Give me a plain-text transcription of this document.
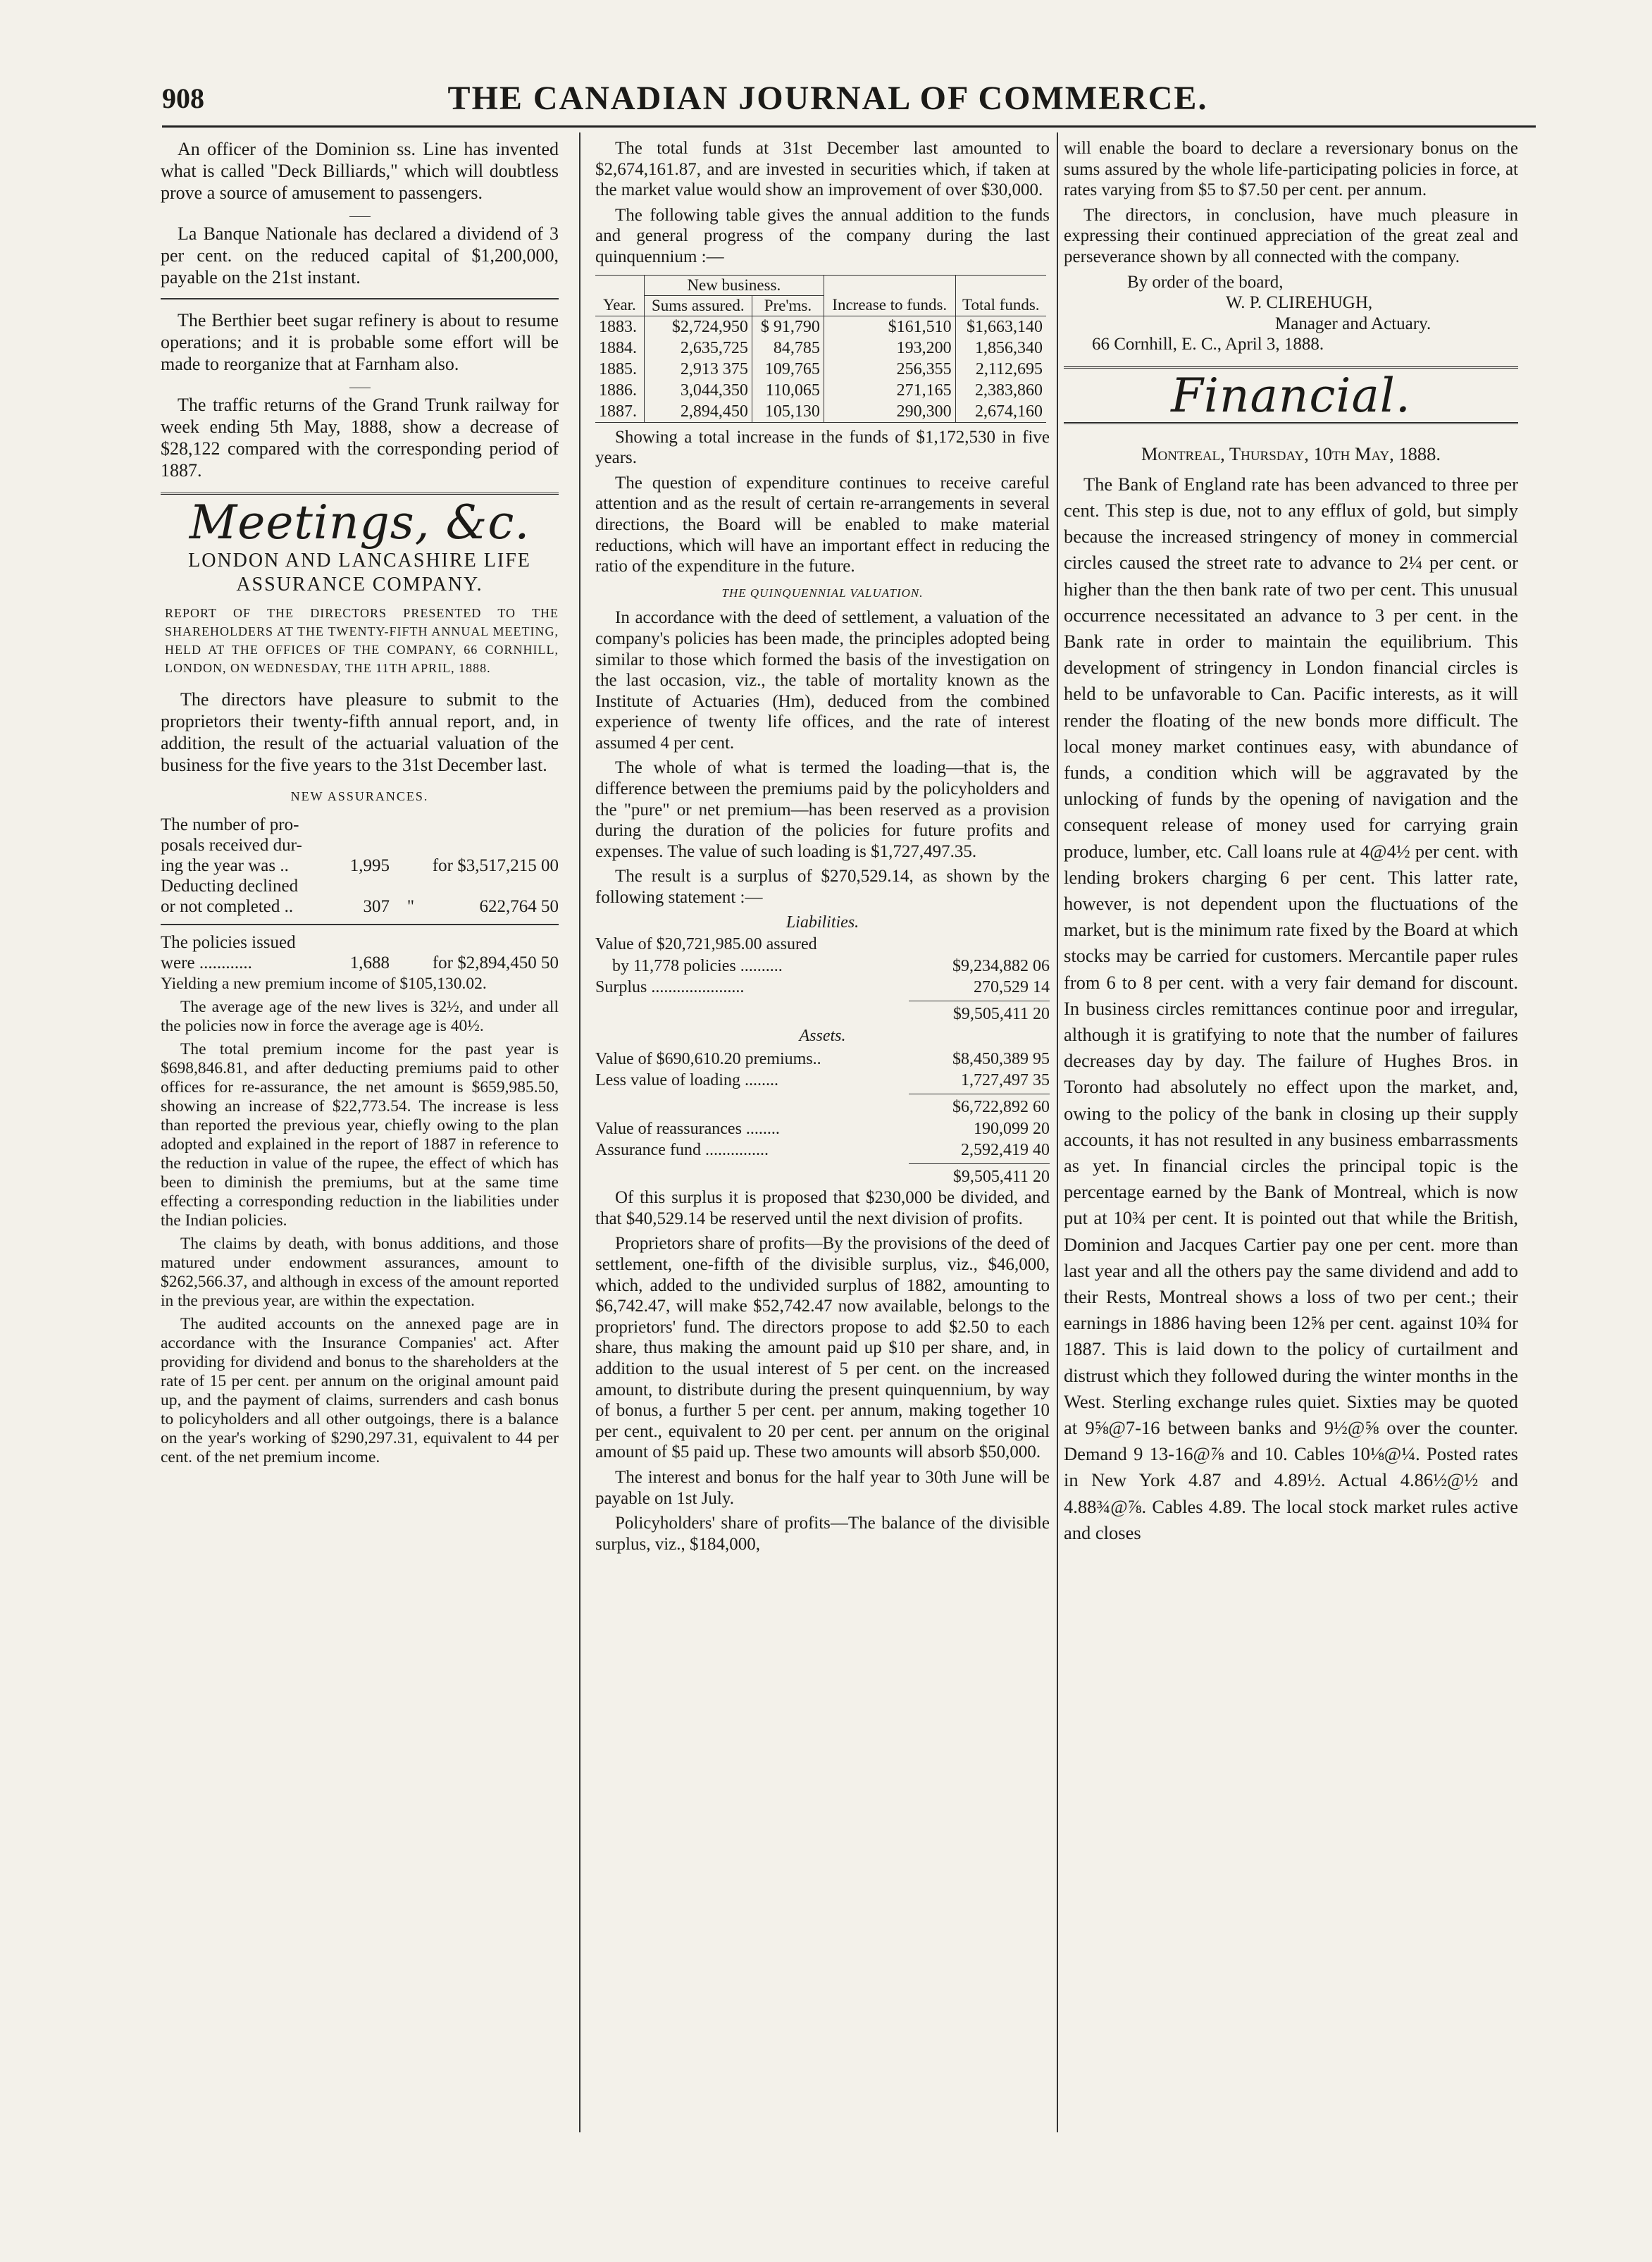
908	THE CANADIAN JOURNAL OF COMMERCE.

An officer of the Dominion ss. Line has invented what is called "Deck Billiards," which will doubtless prove a source of amusement to passengers.

La Banque Nationale has declared a dividend of 3 per cent. on the reduced capital of $1,200,000, payable on the 21st instant.

The Berthier beet sugar refinery is about to resume operations; and it is probable some effort will be made to reorganize that at Farnham also.

The traffic returns of the Grand Trunk railway for week ending 5th May, 1888, show a decrease of $28,122 compared with the corresponding period of 1887.

Meetings, &c.
LONDON AND LANCASHIRE LIFE ASSURANCE COMPANY.
REPORT OF THE DIRECTORS PRESENTED TO THE SHAREHOLDERS AT THE TWENTY-FIFTH ANNUAL MEETING, HELD AT THE OFFICES OF THE COMPANY, 66 CORNHILL, LONDON, ON WEDNESDAY, THE 11TH APRIL, 1888.

The directors have pleasure to submit to the proprietors their twenty-fifth annual report, and, in addition, the result of the actuarial valuation of the business for the five years to the 31st December last.

NEW ASSURANCES.
The number of pro-
posals received dur-
ing the year was ..	1,995	for $3,517,215 00
Deducting declined
or not completed ..	307 "	622,764 50
The policies issued
were ............	1,688	for $2,894,450 50

Yielding a new premium income of $105,130.02.

The average age of the new lives is 32½, and under all the policies now in force the average age is 40½.

The total premium income for the past year is $698,846.81, and after deducting premiums paid to other offices for re-assurance, the net amount is $659,985.50, showing an increase of $22,773.54. The increase is less than reported the previous year, chiefly owing to the plan adopted and explained in the report of 1887 in reference to the reduction in value of the rupee, the effect of which has been to diminish the premiums, but at the same time effecting a corresponding reduction in the liabilities under the Indian policies.

The claims by death, with bonus additions, and those matured under endowment assurances, amount to $262,566.37, and although in excess of the amount reported in the previous year, are within the expectation.

The audited accounts on the annexed page are in accordance with the Insurance Companies' act. After providing for dividend and bonus to the shareholders at the rate of 15 per cent. per annum on the original amount paid up, and the payment of claims, surrenders and cash bonus to policyholders and all other outgoings, there is a balance on the year's working of $290,297.31, equivalent to 44 per cent. of the net premium income.

The total funds at 31st December last amounted to $2,674,161.87, and are invested in securities which, if taken at the market value would show an improvement of over $30,000.

The following table gives the annual addition to the funds and general progress of the company during the last quinquennium :—

	New business.			
Year.	Sums assured.	Pre'ms.	Increase to funds.	Total funds.
1883.	$2,724,950	$ 91,790	$161,510	$1,663,140
1884.	2,635,725	84,785	193,200	1,856,340
1885.	2,913 375	109,765	256,355	2,112,695
1886.	3,044,350	110,065	271,165	2,383,860
1887.	2,894,450	105,130	290,300	2,674,160

Showing a total increase in the funds of $1,172,530 in five years.

The question of expenditure continues to receive careful attention and as the result of certain re-arrangements in several directions, the Board will be enabled to make material reductions, which will have an important effect in reducing the ratio of the expenditure in the future.

THE QUINQUENNIAL VALUATION.

In accordance with the deed of settlement, a valuation of the company's policies has been made, the principles adopted being similar to those which formed the basis of the investigation on the last occasion, viz., the table of mortality known as the Institute of Actuaries (Hm), deduced from the combined experience of twenty life offices, and the rate of interest assumed 4 per cent.

The whole of what is termed the loading—that is, the difference between the premiums paid by the policyholders and the "pure" or net premium—has been reserved as a provision during the duration of the policies for future profits and expenses. The value of such loading is $1,727,497.35.

The result is a surplus of $270,529.14, as shown by the following statement :—

Liabilities.
Value of $20,721,985.00 assured
by 11,778 policies ..........	$9,234,882 06
Surplus ......................	270,529 14
$9,505,411 20
Assets.
Value of $690,610.20 premiums..	$8,450,389 95
Less value of loading ........	1,727,497 35
$6,722,892 60
Value of reassurances ........	190,099 20
Assurance fund ...............	2,592,419 40
$9,505,411 20

Of this surplus it is proposed that $230,000 be divided, and that $40,529.14 be reserved until the next division of profits.

Proprietors share of profits—By the provisions of the deed of settlement, one-fifth of the divisible surplus, viz., $46,000, which, added to the undivided surplus of 1882, amounting to $6,742.47, will make $52,742.47 now available, belongs to the proprietors' fund. The directors propose to add $2.50 to each share, thus making the amount paid up $10 per share, and, in addition to the usual interest of 5 per cent. on the increased amount, to distribute during the present quinquennium, by way of bonus, a further 5 per cent. per annum, making together 10 per cent., equivalent to 20 per cent. per annum on the original amount of $5 paid up. These two amounts will absorb $50,000.

The interest and bonus for the half year to 30th June will be payable on 1st July.

Policyholders' share of profits—The balance of the divisible surplus, viz., $184,000,

will enable the board to declare a reversionary bonus on the sums assured by the whole life-participating policies in force, at rates varying from $5 to $7.50 per cent. per annum.

The directors, in conclusion, have much pleasure in expressing their continued appreciation of the great zeal and perseverance shown by all connected with the company.

By order of the board,
W. P. CLIREHUGH,
Manager and Actuary.
66 Cornhill, E. C., April 3, 1888.
Financial.
Montreal, Thursday, 10th May, 1888.

The Bank of England rate has been advanced to three per cent. This step is due, not to any efflux of gold, but simply because the increased stringency of money in commercial circles caused the street rate to advance to 2¼ per cent. or higher than the then bank rate of two per cent. This unusual occurrence necessitated an advance to 3 per cent. in the Bank rate in order to maintain the equilibrium. This development of stringency in London financial circles is held to be unfavorable to Can. Pacific interests, as it will render the floating of the new bonds more difficult. The local money market continues easy, with abundance of funds, a condition which will be aggravated by the unlocking of funds by the opening of navigation and the consequent release of money used for carrying grain produce, lumber, etc. Call loans rule at 4@4½ per cent. with lending brokers charging 6 per cent. This latter rate, however, is not dependent upon the fluctuations of the market, but is the minimum rate fixed by the Board at which stocks may be carried for customers. Mercantile paper rules from 6 to 8 per cent. with a very fair demand for discount. In business circles remittances continue poor and irregular, although it is gratifying to note that the number of failures decreases day by day. The failure of Hughes Bros. in Toronto had absolutely no effect upon the market, and, owing to the policy of the bank in closing up their supply accounts, it has not resulted in any business embarrassments as yet. In financial circles the principal topic is the percentage earned by the Bank of Montreal, which is now put at 10¾ per cent. It is pointed out that while the British, Dominion and Jacques Cartier pay one per cent. more than last year and all the others pay the same dividend and add to their Rests, Montreal shows a loss of two per cent.; their earnings in 1886 having been 12⅝ per cent. against 10¾ for 1887. This is laid down to the policy of curtailment and distrust which they followed during the winter months in the West. Sterling exchange rules quiet. Sixties may be quoted at 9⅝@7-16 between banks and 9½@⅝ over the counter. Demand 9 13-16@⅞ and 10. Cables 10⅛@¼. Posted rates in New York 4.87 and 4.89½. Actual 4.86½@½ and 4.88¾@⅞. Cables 4.89. The local stock market rules active and closes
